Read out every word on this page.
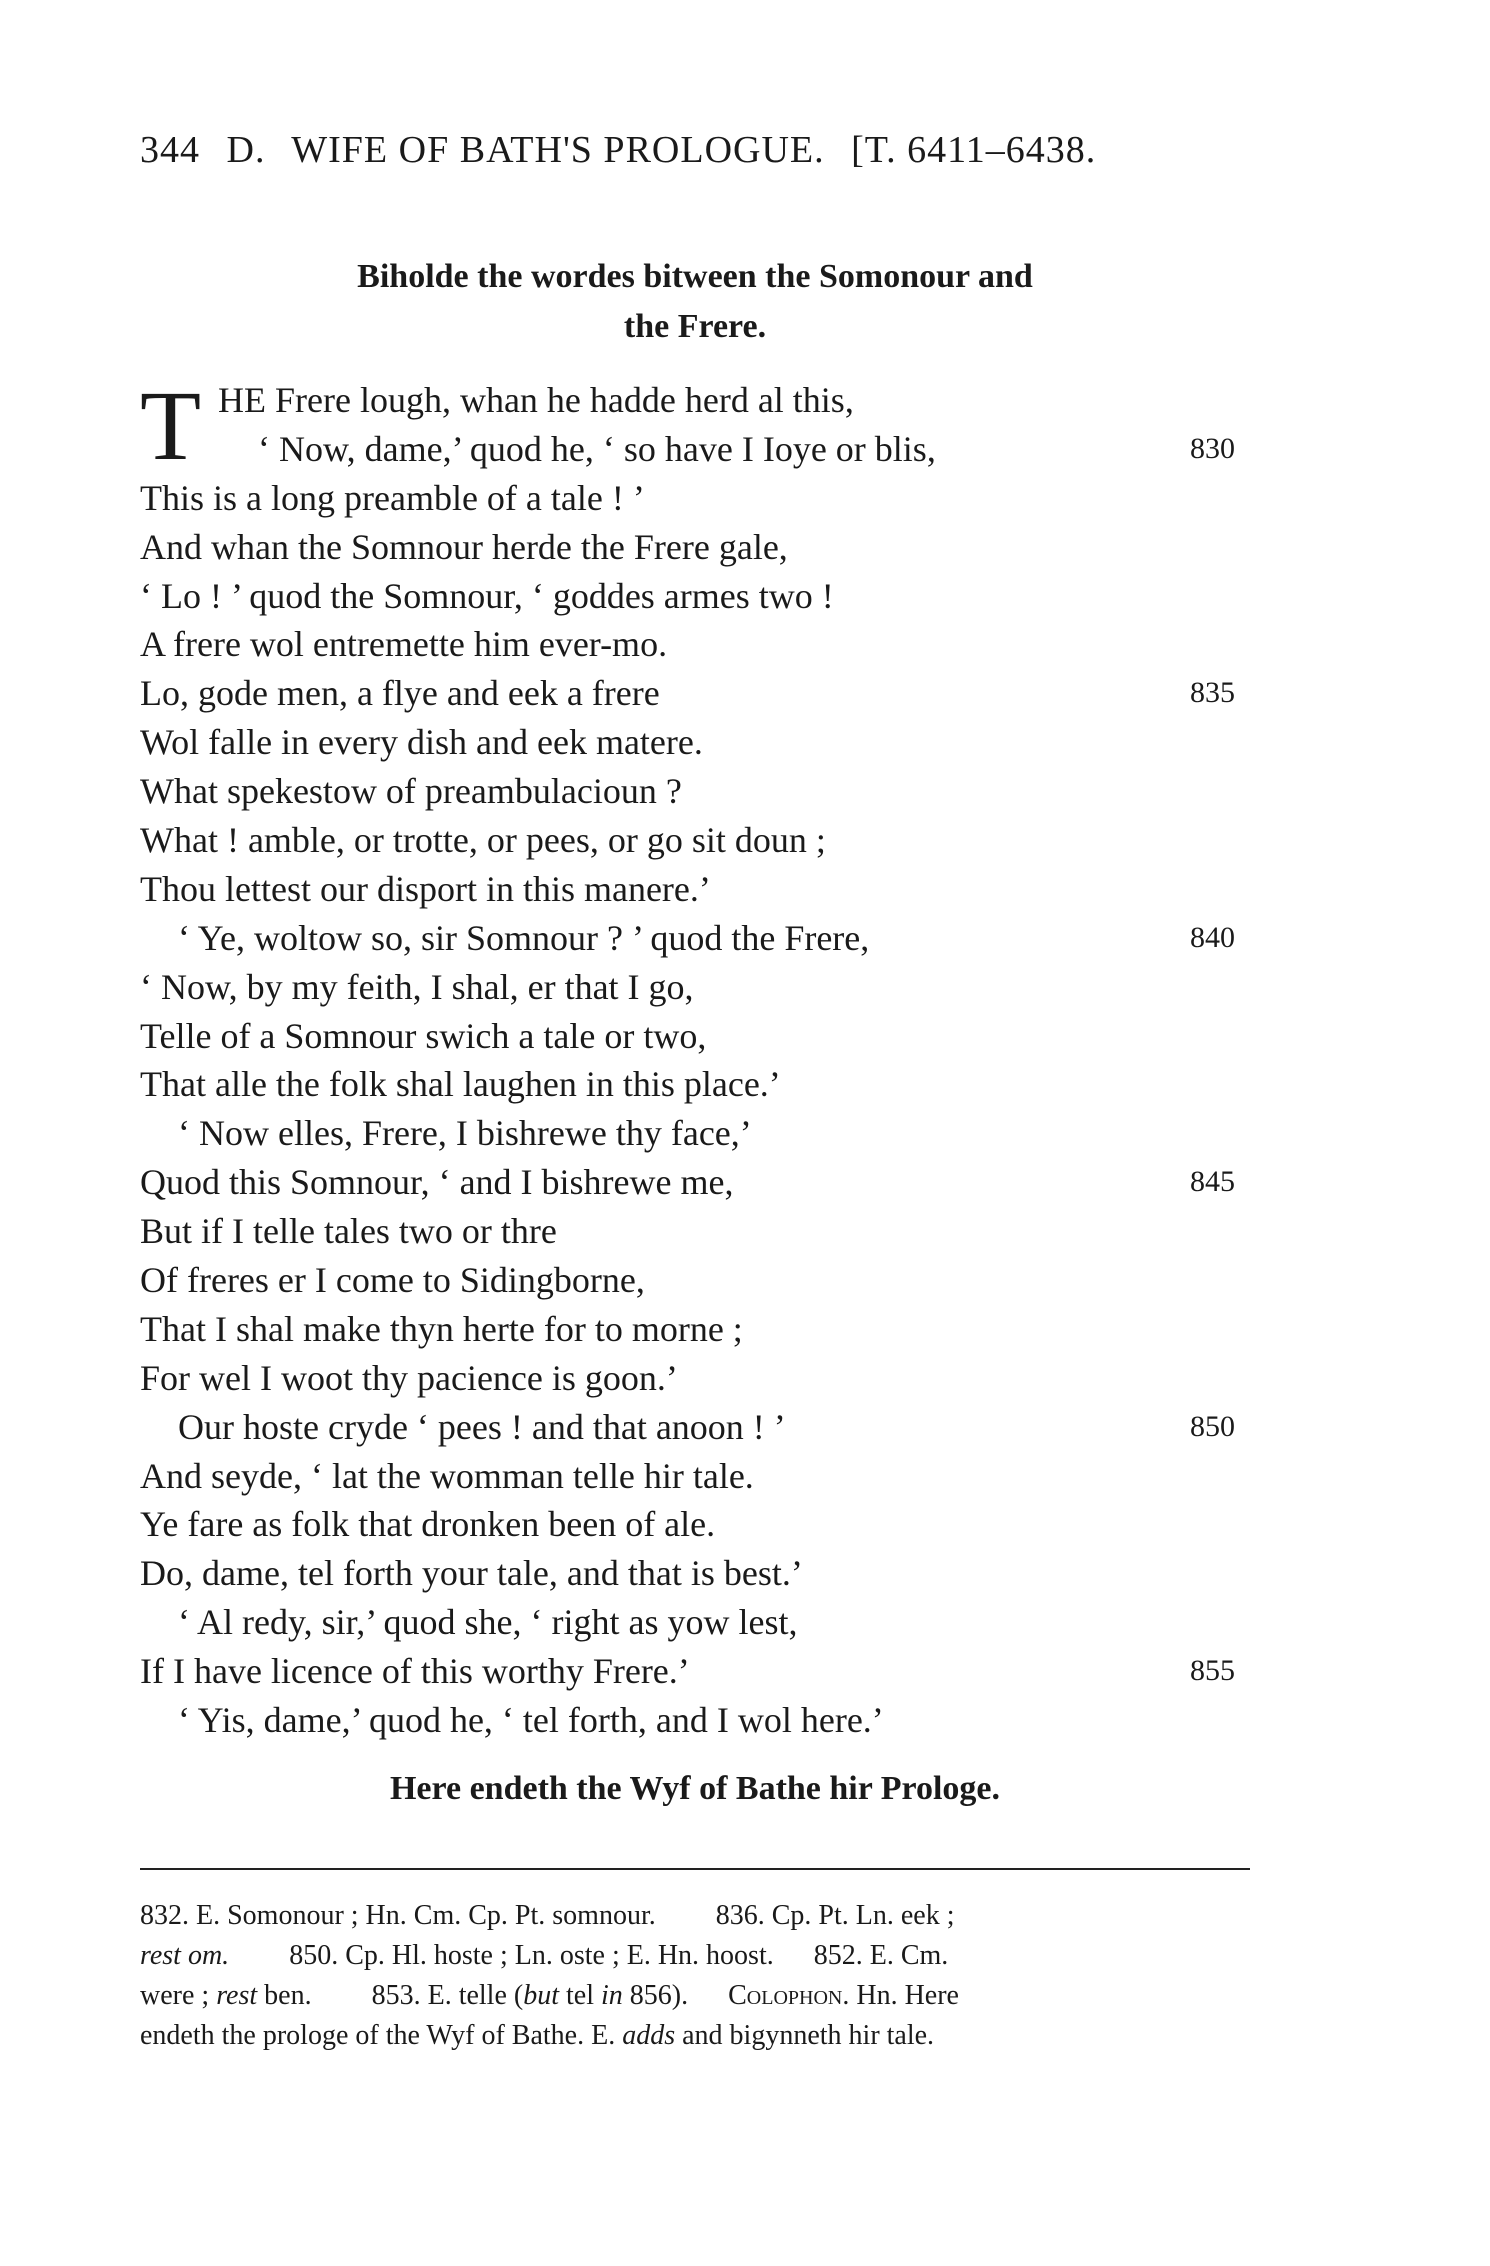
344 D. WIFE OF BATH'S PROLOGUE. [T. 6411–6438.
Biholde the wordes bitween the Somonour and
the Frere.
T HE Frere lough, whan he hadde herd al this,
‘ Now, dame,’ quod he, ‘ so have I Ioye or blis,	830
This is a long preamble of a tale ! ’
And whan the Somnour herde the Frere gale,
‘ Lo ! ’ quod the Somnour, ‘ goddes armes two !
A frere wol entremette him ever-mo.
Lo, gode men, a flye and eek a frere	835
Wol falle in every dish and eek matere.
What spekestow of preambulacioun ?
What ! amble, or trotte, or pees, or go sit doun ;
Thou lettest our disport in this manere.’
‘ Ye, woltow so, sir Somnour ? ’ quod the Frere,	840
‘ Now, by my feith, I shal, er that I go,
Telle of a Somnour swich a tale or two,
That alle the folk shal laughen in this place.’
‘ Now elles, Frere, I bishrewe thy face,’
Quod this Somnour, ‘ and I bishrewe me,	845
But if I telle tales two or thre
Of freres er I come to Sidingborne,
That I shal make thyn herte for to morne ;
For wel I woot thy pacience is goon.’
Our hoste cryde ‘ pees ! and that anoon ! ’	850
And seyde, ‘ lat the womman telle hir tale.
Ye fare as folk that dronken been of ale.
Do, dame, tel forth your tale, and that is best.’
‘ Al redy, sir,’ quod she, ‘ right as yow lest,
If I have licence of this worthy Frere.’	855
‘ Yis, dame,’ quod he, ‘ tel forth, and I wol here.’
Here endeth the Wyf of Bathe hir Prologe.
832. E. Somonour ; Hn. Cm. Cp. Pt. somnour. 836. Cp. Pt. Ln. eek ;
rest om. 850. Cp. Hl. hoste ; Ln. oste ; E. Hn. hoost. 852. E. Cm.
were ; rest ben. 853. E. telle (but tel in 856). Colophon. Hn. Here
endeth the prologe of the Wyf of Bathe. E. adds and bigynneth hir tale.
